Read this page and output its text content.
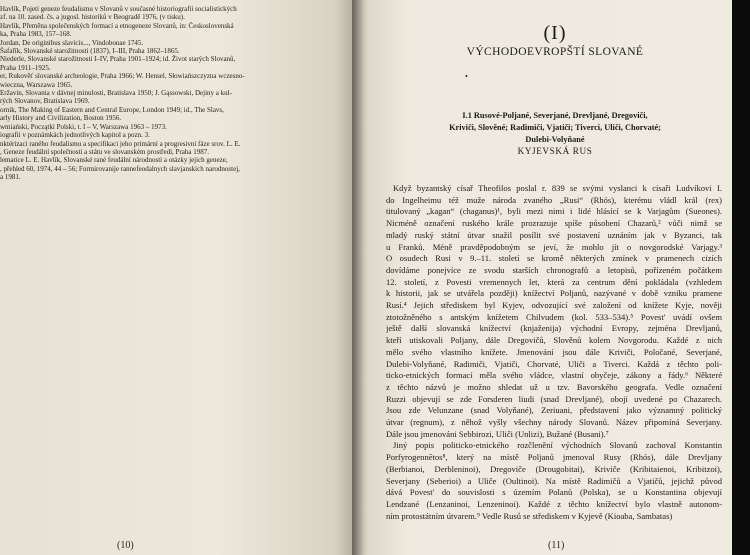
Havlík, Pojetí geneze feudalismu v Slovanů v současné historiografii socialistických
zf. na 10. zased. čs. a jugosl. historiků v Beogradě 1976, (v tisku).
Havlík, Přeměna společenských formací a etnogeneze Slovanů, in: Československá
ka, Praha 1983, 157–168.
Jordan, De originibus slavicis..., Vindobonae 1745.
Šafařík, Slovanské starožitnosti (1837), I–III, Praha 1862–1865.
Niederle, Slovanské starožitnosti I–IV, Praha 1901–1924; id. Život starých Slovanů,
Praha 1911–1925.
er, Rukověť slovanské archeologie, Praha 1966; W. Hensel, Słowiańszczyzna wczesno-
wieczna, Warszawa 1965.
Eržavin, Slovania v dávnej minulosti, Bratislava 1950; J. Gąssowski, Dejiny a kul-
rých Slovanov, Bratislava 1969.
ornik, The Making of Eastern and Central Europe, London 1949; id., The Slavs,
arly History and Civilization, Boston 1956.
wmiański, Początki Polski, t. I – V, Warszawa 1963 – 1973.
iografii v poznámkách jednotlivých kapitol a pozn. 3.
nktérizaci raného feudalismu a specifikaci jeho primární a progresivní fáze srov. L. E.
, Geneze feudální společnosti a státu ve slovanském prostředí, Praha 1987.
lematice L. E. Havlík, Slovanské rané feudální národnosti a otázky jejich geneze,
, přehled 60, 1974, 44 – 56; Formirovanije rannefeodalnych slavjanskich narodnostej,
a 1981.
(10)
(I)
VÝCHODOEVROPŠTÍ SLOVANÉ
•
I.1 Rusové-Poljané, Severjané, Drevljané, Dregoviči,
Kriviči, Slověné; Radimiči, Vjatiči; Tiverci, Uliči, Chorvaté;
Dulebi-Volyňané
KYJEVSKÁ RUS
Když byzantský císař Theofilos poslal r. 839 se svými vyslanci k císaři Ludvíkovi I.
do Ingelheimu též muže národa zvaného „Rusi“ (Rhós), kterému vládl král (rex)
titulovaný „kagan“ (chaganus)¹, byli mezi nimi i lidé hlásící se k Varjagům (Sueones).
Nicméně označení ruského krále prozrazuje spíše působení Chazarů,² vůči nimž se
mladý ruský státní útvar snažil posílit své postavení uznáním jak v Byzanci, tak
u Franků. Méně pravděpodobným se jeví, že mohlo jít o novgorodské Varjagy.³
O osudech Rusi v 9.–11. století se kromě některých zmínek v pramenech cizích
dovídáme ponejvíce ze svodu starších chronografů a letopisů, pořízeném počátkem
12. století, z Povesti vremennych let, která za centrum dění pokládala (vzhledem
k historii, jak se utvářela později) knížectví Poljanů, nazývané v době vzniku pramene
Rusí.⁴ Jejich střediskem byl Kyjev, odvozující své založení od knížete Kyje, nověji
ztotožněného s antským knížetem Chilvudem (kol. 533–534).⁵ Povest' uvádí ovšem
ještě další slovanská knížectví (knjaženija) východní Evropy, zejména Drevljanů,
kteří utiskovali Poljany, dále Dregovičů, Slověnů kolem Novgorodu. Každé z nich
mělo svého vlastního knížete. Jmenování jsou dále Kriviči, Poločané, Severjané,
Dulebi-Volyňané, Radimiči, Vjatiči, Chorvaté, Uliči a Tiverci. Každá z těchto poli-
ticko-etnických formací měla svého vládce, vlastní obyčeje, zákony a řády.⁶ Některé
z těchto názvů je možno shledat už u tzv. Bavorského geografa. Vedle označení
Ruzzi objevují se zde Forsderen liudi (snad Drevljané), obojí uvedené po Chazarech.
Jsou zde Velunzane (snad Volyňané), Zeriuani, představení jako významný politický
útvar (regnum), z něhož vyšly všechny národy Slovanů. Název připomíná Severjany.
Dále jsou jmenováni Sebbirozi, Uliči (Unlizi), Bužané (Busani).⁷
Jiný popis politicko-etnického rozčlenění východních Slovanů zachoval Konstantin
Porfyrogennētos⁸, který na místě Poljanů jmenoval Rusy (Rhós), dále Drevljany
(Berbianoi, Derbleninoi), Dregoviče (Drougobitai), Kriviče (Kribitaienoi, Kribitzoi),
Severjany (Seberioi) a Uliče (Oultinoi). Na místě Radimičů a Vjatičů, jejichž původ
dává Povest' do souvislosti s územím Polanů (Polska), se u Konstantina objevují
Lendzané (Lenzaninoi, Lenzeninoi). Každé z těchto knížectví bylo vlastně autonom-
ním protostátním útvarem.⁹ Vedle Rusů se střediskem v Kyjevě (Kioaba, Sambatas)
(11)
